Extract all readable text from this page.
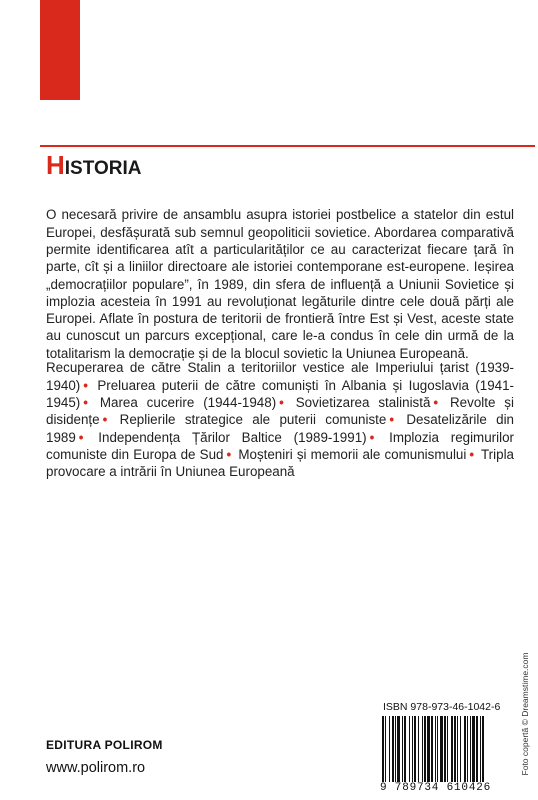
POLIROM
HISTORIA

O necesară privire de ansamblu asupra istoriei postbelice a statelor din estul Europei, desfășurată sub semnul geopoliticii sovietice. Abordarea comparativă permite identificarea atît a particularităților ce au caracterizat fiecare țară în parte, cît și a liniilor directoare ale istoriei contemporane est-europene. Ieșirea „democrațiilor populare”, în 1989, din sfera de influență a Uniunii Sovietice și implozia acesteia în 1991 au revoluționat legăturile dintre cele două părți ale Europei. Aflate în postura de teritorii de frontieră între Est și Vest, aceste state au cunoscut un parcurs excepțional, care le-a condus în cele din urmă de la totalitarism la democrație și de la blocul sovietic la Uniunea Europeană.

Recuperarea de către Stalin a teritoriilor vestice ale Imperiului țarist (1939-1940) • Preluarea puterii de către comuniști în Albania și Iugoslavia (1941-1945) • Marea cucerire (1944-1948) • Sovietizarea stalinistă • Revolte și disidențe • Replierile strategice ale puterii comuniste • Desatelizările din 1989 • Independența Țărilor Baltice (1989-1991) • Implozia regimurilor comuniste din Europa de Sud • Moșteniri și memorii ale comunismului • Tripla provocare a intrării în Uniunea Europeană

EDITURA POLIROM
www.polirom.ro
ISBN 978-973-46-1042-6
9 789734 610426
Foto copertă © Dreamstime.com
